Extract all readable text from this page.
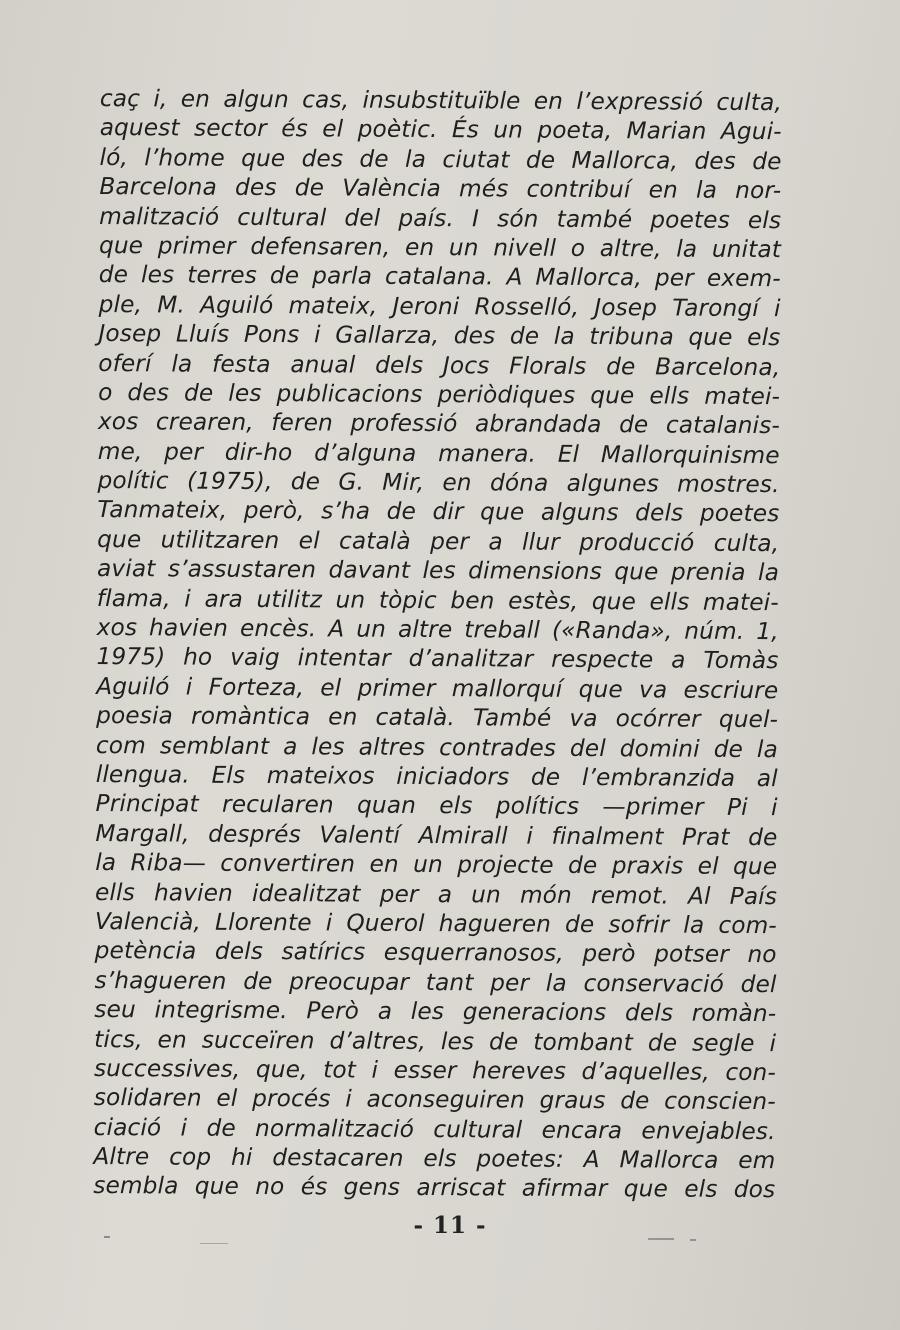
caç i, en algun cas, insubstituïble en l’expressió culta,
aquest sector és el poètic. És un poeta, Marian Agui-
ló, l’home que des de la ciutat de Mallorca, des de
Barcelona des de València més contribuí en la nor-
malització cultural del país. I són també poetes els
que primer defensaren, en un nivell o altre, la unitat
de les terres de parla catalana. A Mallorca, per exem-
ple, M. Aguiló mateix, Jeroni Rosselló, Josep Tarongí i
Josep Lluís Pons i Gallarza, des de la tribuna que els
oferí la festa anual dels Jocs Florals de Barcelona,
o des de les publicacions periòdiques que ells matei-
xos crearen, feren professió abrandada de catalanis-
me, per dir-ho d’alguna manera. El Mallorquinisme
polític (1975), de G. Mir, en dóna algunes mostres.
Tanmateix, però, s’ha de dir que alguns dels poetes
que utilitzaren el català per a llur producció culta,
aviat s’assustaren davant les dimensions que prenia la
flama, i ara utilitz un tòpic ben estès, que ells matei-
xos havien encès. A un altre treball («Randa», núm. 1,
1975) ho vaig intentar d’analitzar respecte a Tomàs
Aguiló i Forteza, el primer mallorquí que va escriure
poesia romàntica en català. També va ocórrer quel-
com semblant a les altres contrades del domini de la
llengua. Els mateixos iniciadors de l’embranzida al
Principat recularen quan els polítics —primer Pi i
Margall, després Valentí Almirall i finalment Prat de
la Riba— convertiren en un projecte de praxis el que
ells havien idealitzat per a un món remot. Al País
Valencià, Llorente i Querol hagueren de sofrir la com-
petència dels satírics esquerranosos, però potser no
s’hagueren de preocupar tant per la conservació del
seu integrisme. Però a les generacions dels romàn-
tics, en succeïren d’altres, les de tombant de segle i
successives, que, tot i esser hereves d’aquelles, con-
solidaren el procés i aconseguiren graus de conscien-
ciació i de normalització cultural encara envejables.
Altre cop hi destacaren els poetes: A Mallorca em
sembla que no és gens arriscat afirmar que els dos
- 11 -
